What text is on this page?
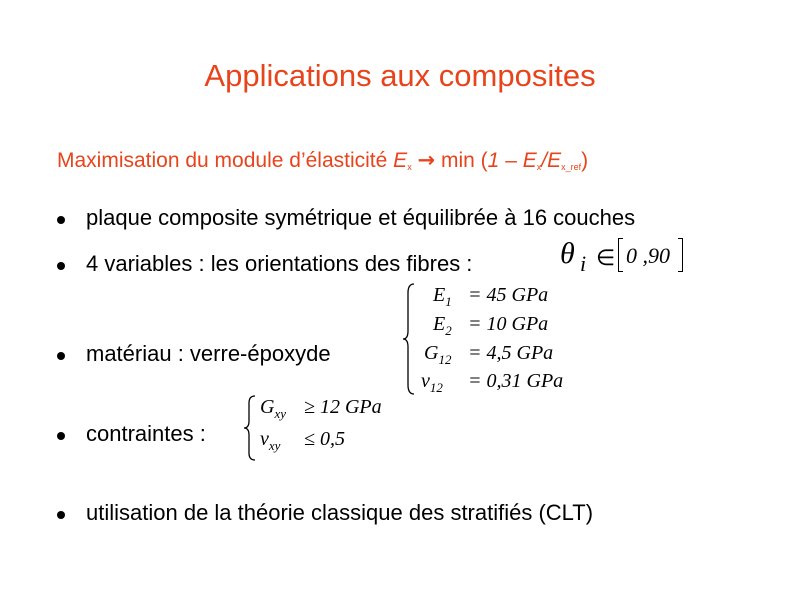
Applications aux composites
Maximisation du module d’élasticité $E_x \to \min (1 - E_x/E_{x\_ref})$
plaque composite symétrique et équilibrée à 16 couches
4 variables : les orientations des fibres :	θ i ∈ 0 ,90
matériau : verre-époxyde
$E_1 = 45$ GPa
$E_2 = 10$ GPa
$G_{12} = 4,5$ GPa
$\nu_{12} = 0,31$ GPa
contraintes :
$G_{xy} \ge 12$ GPa
$\nu_{xy} \le 0,5$
utilisation de la théorie classique des stratifiés (CLT)
